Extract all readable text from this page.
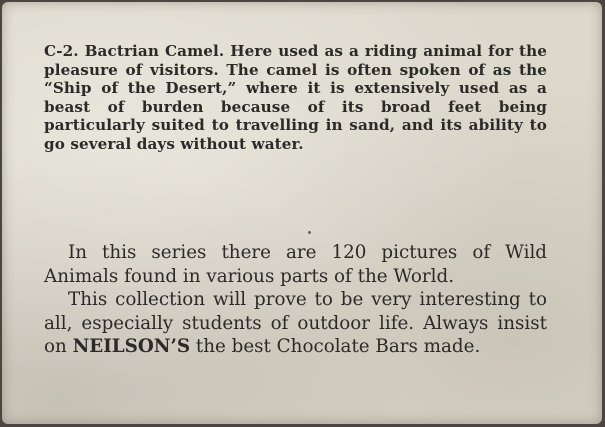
C-2. Bactrian Camel. Here used as a riding animal for the pleasure of visitors. The camel is often spoken of as the “Ship of the Desert,” where it is extensively used as a beast of burden because of its broad feet being particularly suited to travelling in sand, and its ability to go several days without water.

In this series there are 120 pictures of Wild Animals found in various parts of the World.
This collection will prove to be very interesting to all, especially students of outdoor life. Always insist on NEILSON’S the best Chocolate Bars made.
